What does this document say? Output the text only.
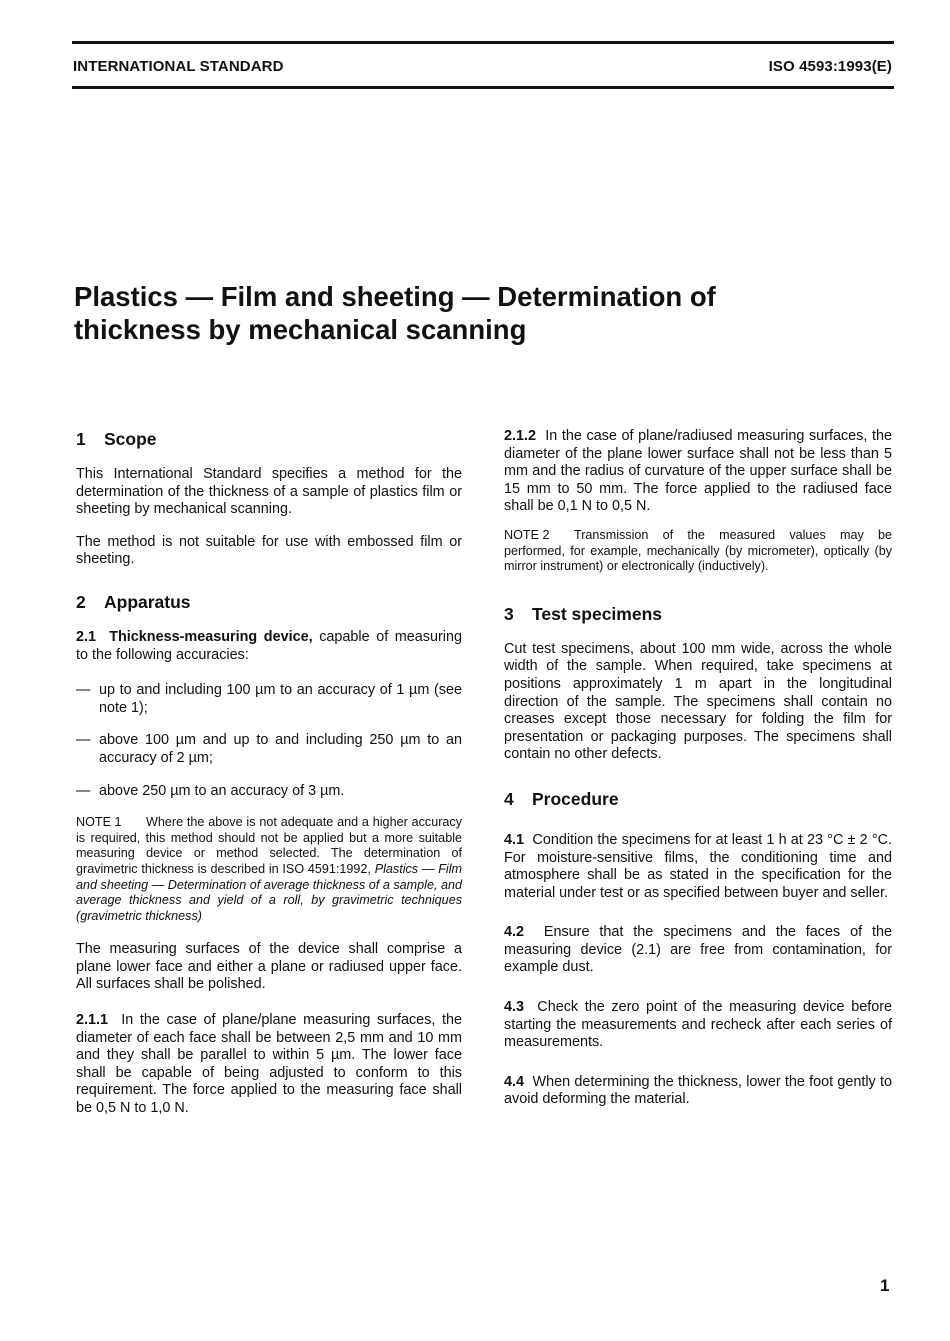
INTERNATIONAL STANDARD	ISO 4593:1993(E)
Plastics — Film and sheeting — Determination of
thickness by mechanical scanning
1 Scope

This International Standard specifies a method for the determination of the thickness of a sample of plastics film or sheeting by mechanical scanning.

The method is not suitable for use with embossed film or sheeting.

2 Apparatus

2.1 Thickness-measuring device, capable of measuring to the following accuracies:

— up to and including 100 µm to an accuracy of 1 µm (see note 1);
— above 100 µm and up to and including 250 µm to an accuracy of 2 µm;
— above 250 µm to an accuracy of 3 µm.

NOTE 1 Where the above is not adequate and a higher accuracy is required, this method should not be applied but a more suitable measuring device or method selected. The determination of gravimetric thickness is described in ISO 4591:1992, Plastics — Film and sheeting — Determination of average thickness of a sample, and average thickness and yield of a roll, by gravimetric techniques (gravimetric thickness)

The measuring surfaces of the device shall comprise a plane lower face and either a plane or radiused upper face. All surfaces shall be polished.

2.1.1 In the case of plane/plane measuring surfaces, the diameter of each face shall be between 2,5 mm and 10 mm and they shall be parallel to within 5 µm. The lower face shall be capable of being adjusted to conform to this requirement. The force applied to the measuring face shall be 0,5 N to 1,0 N.

2.1.2 In the case of plane/radiused measuring surfaces, the diameter of the plane lower surface shall not be less than 5 mm and the radius of curvature of the upper surface shall be 15 mm to 50 mm. The force applied to the radiused face shall be 0,1 N to 0,5 N.

NOTE 2 Transmission of the measured values may be performed, for example, mechanically (by micrometer), optically (by mirror instrument) or electronically (inductively).

3 Test specimens

Cut test specimens, about 100 mm wide, across the whole width of the sample. When required, take specimens at positions approximately 1 m apart in the longitudinal direction of the sample. The specimens shall contain no creases except those necessary for folding the film for presentation or packaging purposes. The specimens shall contain no other defects.

4 Procedure

4.1 Condition the specimens for at least 1 h at 23 °C ± 2 °C. For moisture-sensitive films, the conditioning time and atmosphere shall be as stated in the specification for the material under test or as specified between buyer and seller.

4.2 Ensure that the specimens and the faces of the measuring device (2.1) are free from contamination, for example dust.

4.3 Check the zero point of the measuring device before starting the measurements and recheck after each series of measurements.

4.4 When determining the thickness, lower the foot gently to avoid deforming the material.

1
